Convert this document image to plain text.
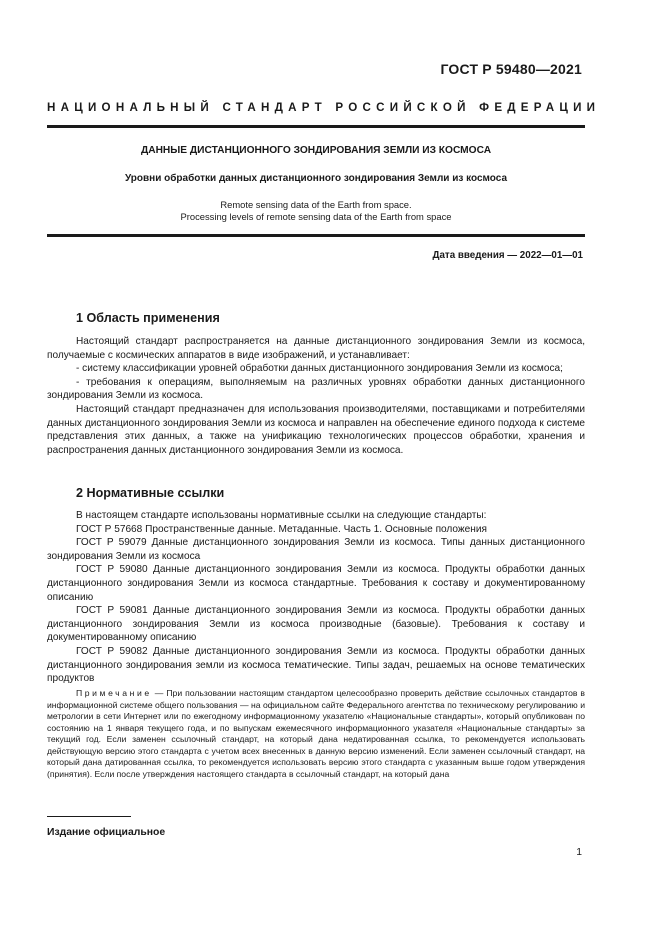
ГОСТ Р 59480—2021
НАЦИОНАЛЬНЫЙ СТАНДАРТ РОССИЙСКОЙ ФЕДЕРАЦИИ
ДАННЫЕ ДИСТАНЦИОННОГО ЗОНДИРОВАНИЯ ЗЕМЛИ ИЗ КОСМОСА
Уровни обработки данных дистанционного зондирования Земли из космоса
Remote sensing data of the Earth from space.
Processing levels of remote sensing data of the Earth from space
Дата введения — 2022—01—01
1 Область применения

Настоящий стандарт распространяется на данные дистанционного зондирования Земли из космоса, получаемые с космических аппаратов в виде изображений, и устанавливает:

- систему классификации уровней обработки данных дистанционного зондирования Земли из космоса;

- требования к операциям, выполняемым на различных уровнях обработки данных дистанционного зондирования Земли из космоса.

Настоящий стандарт предназначен для использования производителями, поставщиками и потребителями данных дистанционного зондирования Земли из космоса и направлен на обеспечение единого подхода к системе представления этих данных, а также на унификацию технологических процессов обработки, хранения и распространения данных дистанционного зондирования Земли из космоса.

2 Нормативные ссылки

В настоящем стандарте использованы нормативные ссылки на следующие стандарты:

ГОСТ Р 57668 Пространственные данные. Метаданные. Часть 1. Основные положения

ГОСТ Р 59079 Данные дистанционного зондирования Земли из космоса. Типы данных дистанционного зондирования Земли из космоса

ГОСТ Р 59080 Данные дистанционного зондирования Земли из космоса. Продукты обработки данных дистанционного зондирования Земли из космоса стандартные. Требования к составу и документированному описанию

ГОСТ Р 59081 Данные дистанционного зондирования Земли из космоса. Продукты обработки данных дистанционного зондирования Земли из космоса производные (базовые). Требования к составу и документированному описанию

ГОСТ Р 59082 Данные дистанционного зондирования Земли из космоса. Продукты обработки данных дистанционного зондирования земли из космоса тематические. Типы задач, решаемых на основе тематических продуктов

Примечание — При пользовании настоящим стандартом целесообразно проверить действие ссылочных стандартов в информационной системе общего пользования — на официальном сайте Федерального агентства по техническому регулированию и метрологии в сети Интернет или по ежегодному информационному указателю «Национальные стандарты», который опубликован по состоянию на 1 января текущего года, и по выпускам ежемесячного информационного указателя «Национальные стандарты» за текущий год. Если заменен ссылочный стандарт, на который дана недатированная ссылка, то рекомендуется использовать действующую версию этого стандарта с учетом всех внесенных в данную версию изменений. Если заменен ссылочный стандарт, на который дана датированная ссылка, то рекомендуется использовать версию этого стандарта с указанным выше годом утверждения (принятия). Если после утверждения настоящего стандарта в ссылочный стандарт, на который дана

Издание официальное
1
